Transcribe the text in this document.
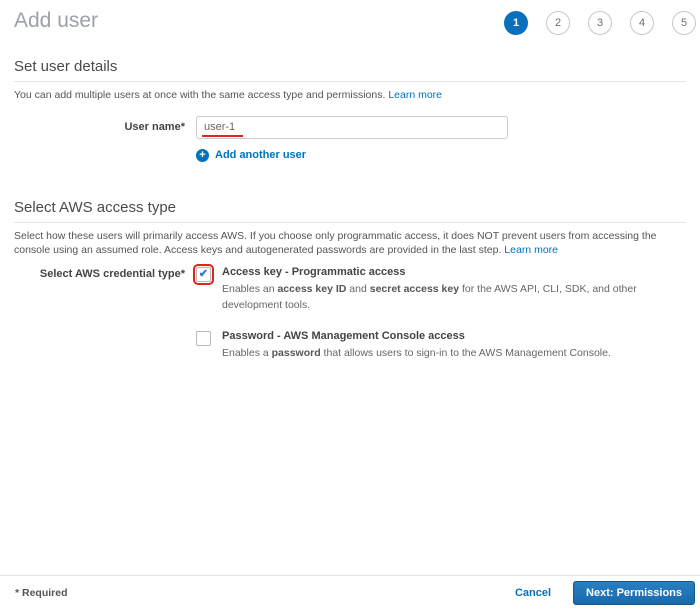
Add user	1	2	3	4	5
Set user details

You can add multiple users at once with the same access type and permissions. Learn more

User name*
user-1
+ Add another user
Select AWS access type

Select how these users will primarily access AWS. If you choose only programmatic access, it does NOT prevent users from accessing the console using an assumed role. Access keys and autogenerated passwords are provided in the last step. Learn more

Select AWS credential type* ✔ Access key - Programmatic access
Enables an access key ID and secret access key for the AWS API, CLI, SDK, and other development tools.
Password - AWS Management Console access
Enables a password that allows users to sign-in to the AWS Management Console.
* Required	Cancel	Next: Permissions
